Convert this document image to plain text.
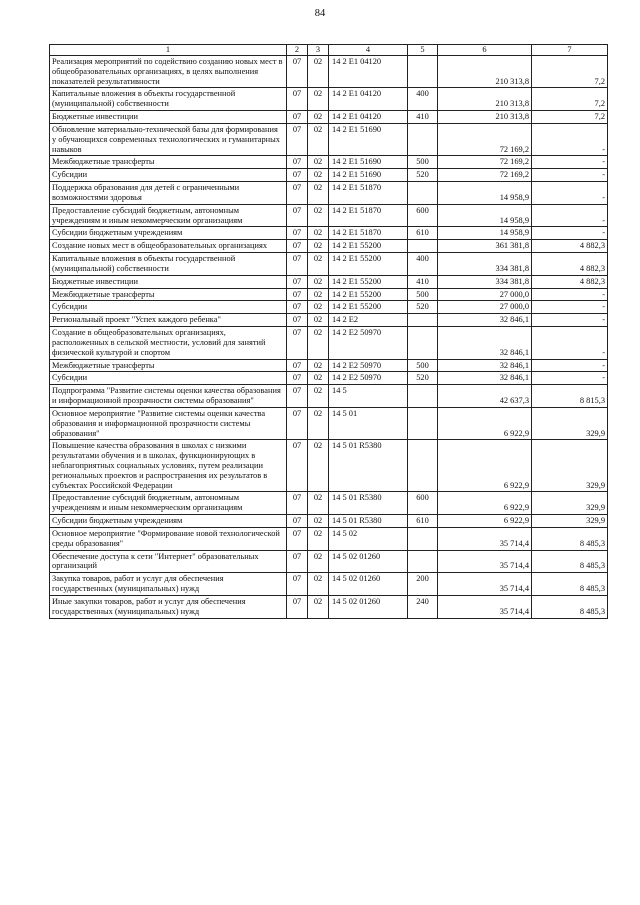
84
1	2	3	4	5	6	7
Реализация мероприятий по содействию созданию новых мест в общеобразовательных организациях, в целях выполнения показателей результативности	07	02	14 2 E1 04120		210 313,8	7,2
Капитальные вложения в объекты государственной (муниципальной) собственности	07	02	14 2 E1 04120	400	210 313,8	7,2
Бюджетные инвестиции	07	02	14 2 E1 04120	410	210 313,8	7,2
Обновление материально-технической базы для формирования у обучающихся современных технологических и гуманитарных навыков	07	02	14 2 E1 51690		72 169,2	-
Межбюджетные трансферты	07	02	14 2 E1 51690	500	72 169,2	-
Субсидии	07	02	14 2 E1 51690	520	72 169,2	-
Поддержка образования для детей с ограниченными возможностями здоровья	07	02	14 2 E1 51870		14 958,9	-
Предоставление субсидий бюджетным, автономным учреждениям и иным некоммерческим организациям	07	02	14 2 E1 51870	600	14 958,9	-
Субсидии бюджетным учреждениям	07	02	14 2 E1 51870	610	14 958,9	-
Создание новых мест в общеобразовательных организациях	07	02	14 2 E1 55200		361 381,8	4 882,3
Капитальные вложения в объекты государственной (муниципальной) собственности	07	02	14 2 E1 55200	400	334 381,8	4 882,3
Бюджетные инвестиции	07	02	14 2 E1 55200	410	334 381,8	4 882,3
Межбюджетные трансферты	07	02	14 2 E1 55200	500	27 000,0	-
Субсидии	07	02	14 2 E1 55200	520	27 000,0	-
Региональный проект "Успех каждого ребенка"	07	02	14 2 E2		32 846,1	-
Создание в общеобразовательных организациях, расположенных в сельской местности, условий для занятий физической культурой и спортом	07	02	14 2 E2 50970		32 846,1	-
Межбюджетные трансферты	07	02	14 2 E2 50970	500	32 846,1	-
Субсидии	07	02	14 2 E2 50970	520	32 846,1	-
Подпрограмма "Развитие системы оценки качества образования и информационной прозрачности системы образования"	07	02	14 5		42 637,3	8 815,3
Основное мероприятие "Развитие системы оценки качества образования и информационной прозрачности системы образования"	07	02	14 5 01		6 922,9	329,9
Повышение качества образования в школах с низкими результатами обучения и в школах, функционирующих в неблагоприятных социальных условиях, путем реализации региональных проектов и распространения их результатов в субъектах Российской Федерации	07	02	14 5 01 R5380		6 922,9	329,9
Предоставление субсидий бюджетным, автономным учреждениям и иным некоммерческим организациям	07	02	14 5 01 R5380	600	6 922,9	329,9
Субсидии бюджетным учреждениям	07	02	14 5 01 R5380	610	6 922,9	329,9
Основное мероприятие "Формирование новой технологической среды образования"	07	02	14 5 02		35 714,4	8 485,3
Обеспечение доступа к сети "Интернет" образовательных организаций	07	02	14 5 02 01260		35 714,4	8 485,3
Закупка товаров, работ и услуг для обеспечения государственных (муниципальных) нужд	07	02	14 5 02 01260	200	35 714,4	8 485,3
Иные закупки товаров, работ и услуг для обеспечения государственных (муниципальных) нужд	07	02	14 5 02 01260	240	35 714,4	8 485,3
